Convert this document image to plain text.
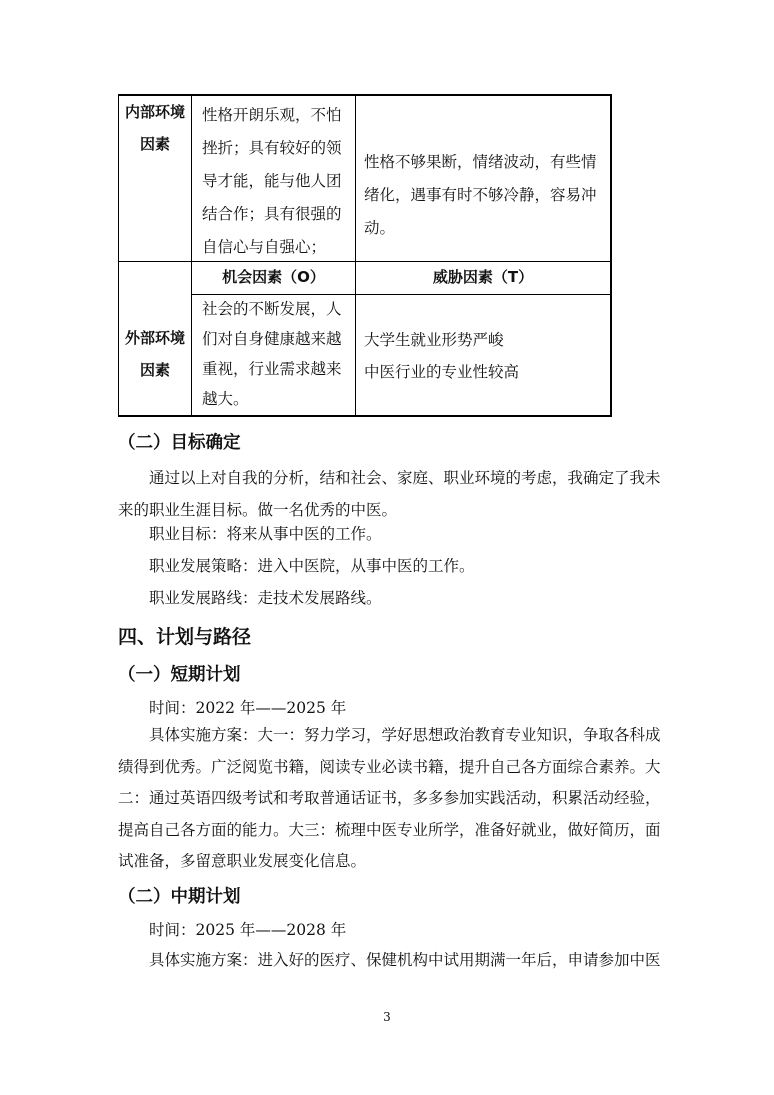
内部环境因素
性格开朗乐观，不怕挫折；具有较好的领导才能，能与他人团结合作；具有很强的自信心与自强心；
性格不够果断，情绪波动，有些情绪化，遇事有时不够冷静，容易冲动。
外部环境因素
机会因素（O）	威胁因素（T）
社会的不断发展，人们对自身健康越来越重视，行业需求越来越大。
大学生就业形势严峻
中医行业的专业性较高
（二）目标确定

通过以上对自我的分析，结和社会、家庭、职业环境的考虑，我确定了我未来的职业生涯目标。做一名优秀的中医。

职业目标：将来从事中医的工作。

职业发展策略：进入中医院，从事中医的工作。

职业发展路线：走技术发展路线。

四、计划与路径
（一）短期计划

时间：2022 年——2025 年

具体实施方案：大一：努力学习，学好思想政治教育专业知识，争取各科成绩得到优秀。广泛阅览书籍，阅读专业必读书籍，提升自己各方面综合素养。大二：通过英语四级考试和考取普通话证书，多多参加实践活动，积累活动经验，提高自己各方面的能力。大三：梳理中医专业所学，准备好就业，做好简历，面试准备，多留意职业发展变化信息。

（二）中期计划

时间：2025 年——2028 年

具体实施方案：进入好的医疗、保健机构中试用期满一年后，申请参加中医

3
